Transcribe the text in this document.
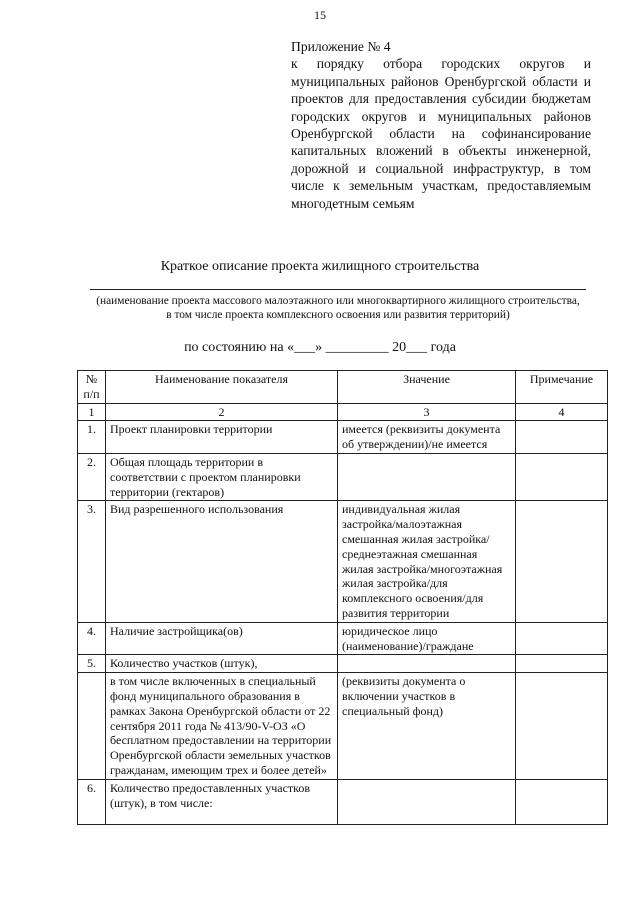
15
Приложение № 4
к порядку отбора городских округов и муниципальных районов Оренбургской области и проектов для предоставления субсидии бюджетам городских округов и муниципальных районов Оренбургской области на софинансирование капитальных вложений в объекты инженерной, дорожной и социальной инфраструктур, в том числе к земельным участкам, предоставляемым многодетным семьям
Краткое описание проекта жилищного строительства
(наименование проекта массового малоэтажного или многоквартирного жилищного строительства, в том числе проекта комплексного освоения или развития территорий)
по состоянию на «___» _________ 20___ года
№ п/п	Наименование показателя	Значение	Примечание
1	2	3	4
1.	Проект планировки территории	имеется (реквизиты документа об утверждении)/не имеется	
2.	Общая площадь территории в соответствии с проектом планировки территории (гектаров)		
3.	Вид разрешенного использования	индивидуальная жилая застройка/малоэтажная смешанная жилая застройка/среднеэтажная смешанная жилая застройка/многоэтажная жилая застройка/для комплексного освоения/для развития территории	
4.	Наличие застройщика(ов)	юридическое лицо (наименование)/граждане	
5.	Количество участков (штук),		
	в том числе включенных в специальный фонд муниципального образования в рамках Закона Оренбургской области от 22 сентября 2011 года № 413/90-V-ОЗ «О бесплатном предоставлении на территории Оренбургской области земельных участков гражданам, имеющим трех и более детей»	(реквизиты документа о включении участков в специальный фонд)	
6.	Количество предоставленных участков (штук), в том числе:		
